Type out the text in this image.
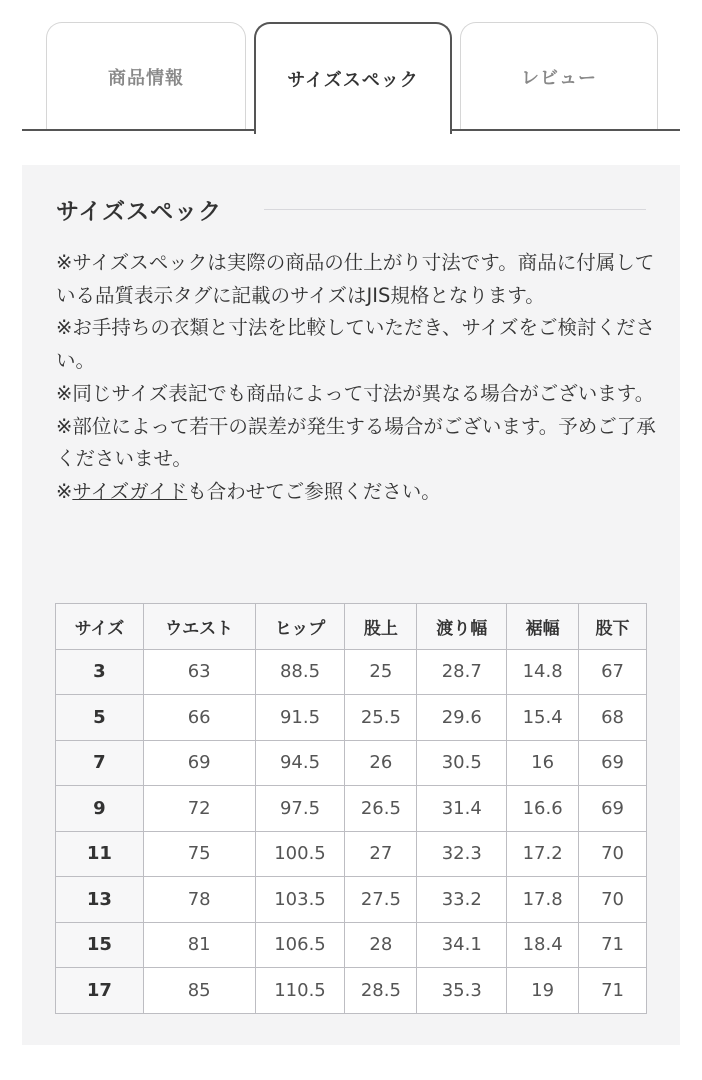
商品情報	サイズスペック	レビュー
サイズスペック

※サイズスペックは実際の商品の仕上がり寸法です。商品に付属している品質表示タグに記載のサイズはJIS規格となります。

※お手持ちの衣類と寸法を比較していただき、サイズをご検討ください。

※同じサイズ表記でも商品によって寸法が異なる場合がございます。

※部位によって若干の誤差が発生する場合がございます。予めご了承くださいませ。

※サイズガイドも合わせてご参照ください。

サイズ	ウエスト	ヒップ	股上	渡り幅	裾幅	股下
3	63	88.5	25	28.7	14.8	67
5	66	91.5	25.5	29.6	15.4	68
7	69	94.5	26	30.5	16	69
9	72	97.5	26.5	31.4	16.6	69
11	75	100.5	27	32.3	17.2	70
13	78	103.5	27.5	33.2	17.8	70
15	81	106.5	28	34.1	18.4	71
17	85	110.5	28.5	35.3	19	71
